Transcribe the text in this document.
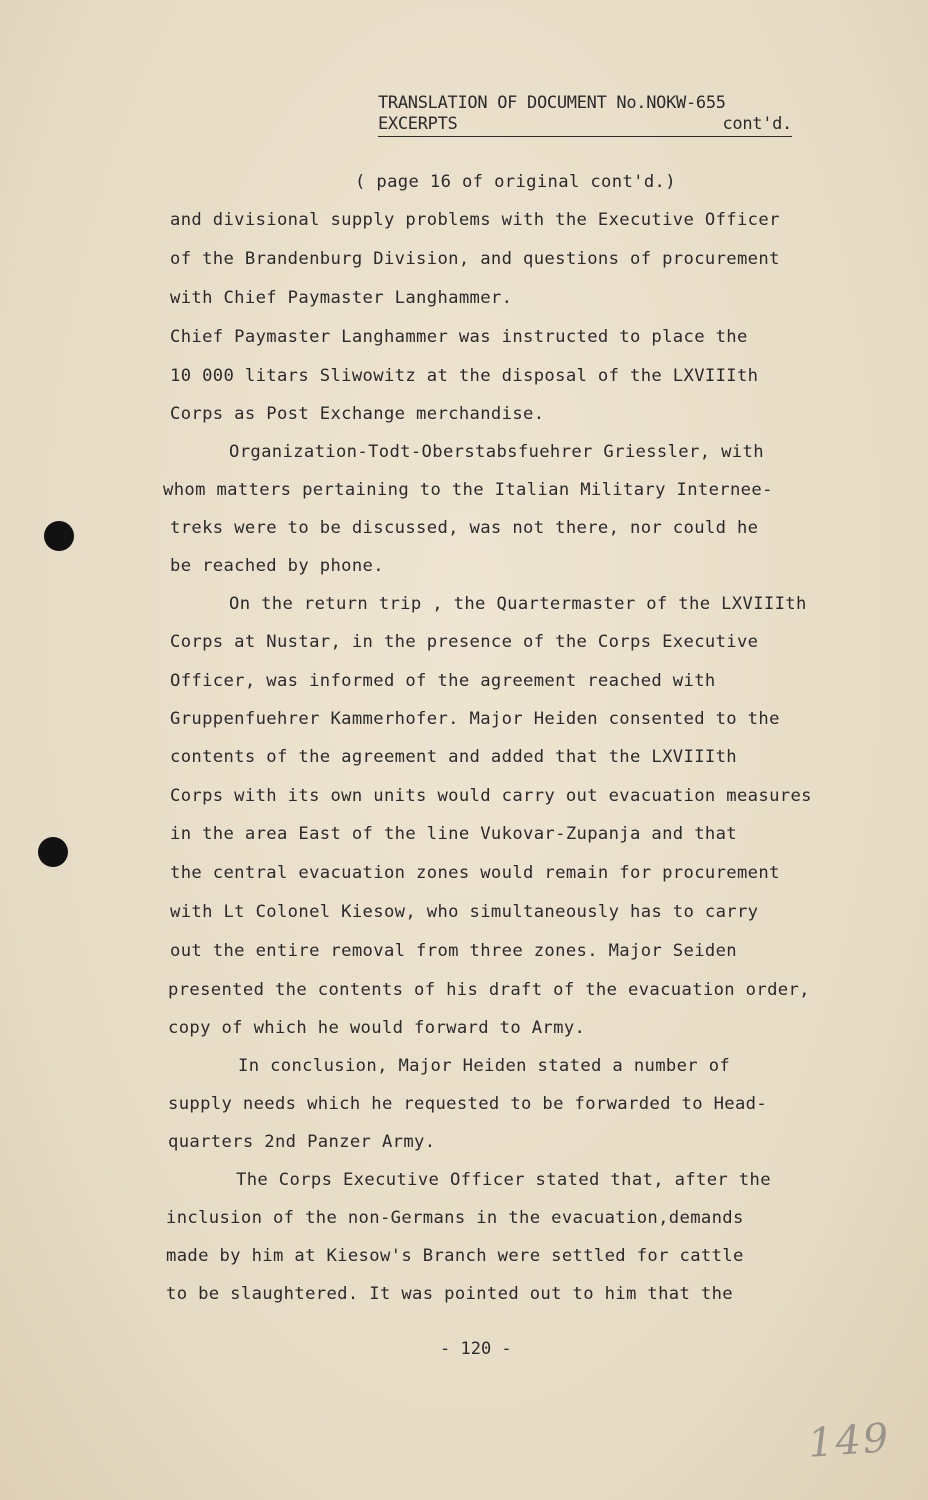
TRANSLATION OF DOCUMENT No.NOKW-655
EXCERPTS	cont'd.
( page 16 of original cont'd.)
and divisional supply problems with the Executive Officer
of the Brandenburg Division, and questions of procurement
with Chief Paymaster Langhammer.
Chief Paymaster Langhammer was instructed to place the
10 000 litars Sliwowitz at the disposal of the LXVIIIth
Corps as Post Exchange merchandise.
Organization-Todt-Oberstabsfuehrer Griessler, with
whom matters pertaining to the Italian Military Internee-
treks were to be discussed, was not there, nor could he
be reached by phone.
On the return trip , the Quartermaster of the LXVIIIth
Corps at Nustar, in the presence of the Corps Executive
Officer, was informed of the agreement reached with
Gruppenfuehrer Kammerhofer. Major Heiden consented to the
contents of the agreement and added that the LXVIIIth
Corps with its own units would carry out evacuation measures
in the area East of the line Vukovar-Zupanja and that
the central evacuation zones would remain for procurement
with Lt Colonel Kiesow, who simultaneously has to carry
out the entire removal from three zones. Major Seiden
presented the contents of his draft of the evacuation order,
copy of which he would forward to Army.
In conclusion, Major Heiden stated a number of
supply needs which he requested to be forwarded to Head-
quarters 2nd Panzer Army.
The Corps Executive Officer stated that, after the
inclusion of the non-Germans in the evacuation,demands
made by him at Kiesow's Branch were settled for cattle
to be slaughtered. It was pointed out to him that the
- 120 -
149
